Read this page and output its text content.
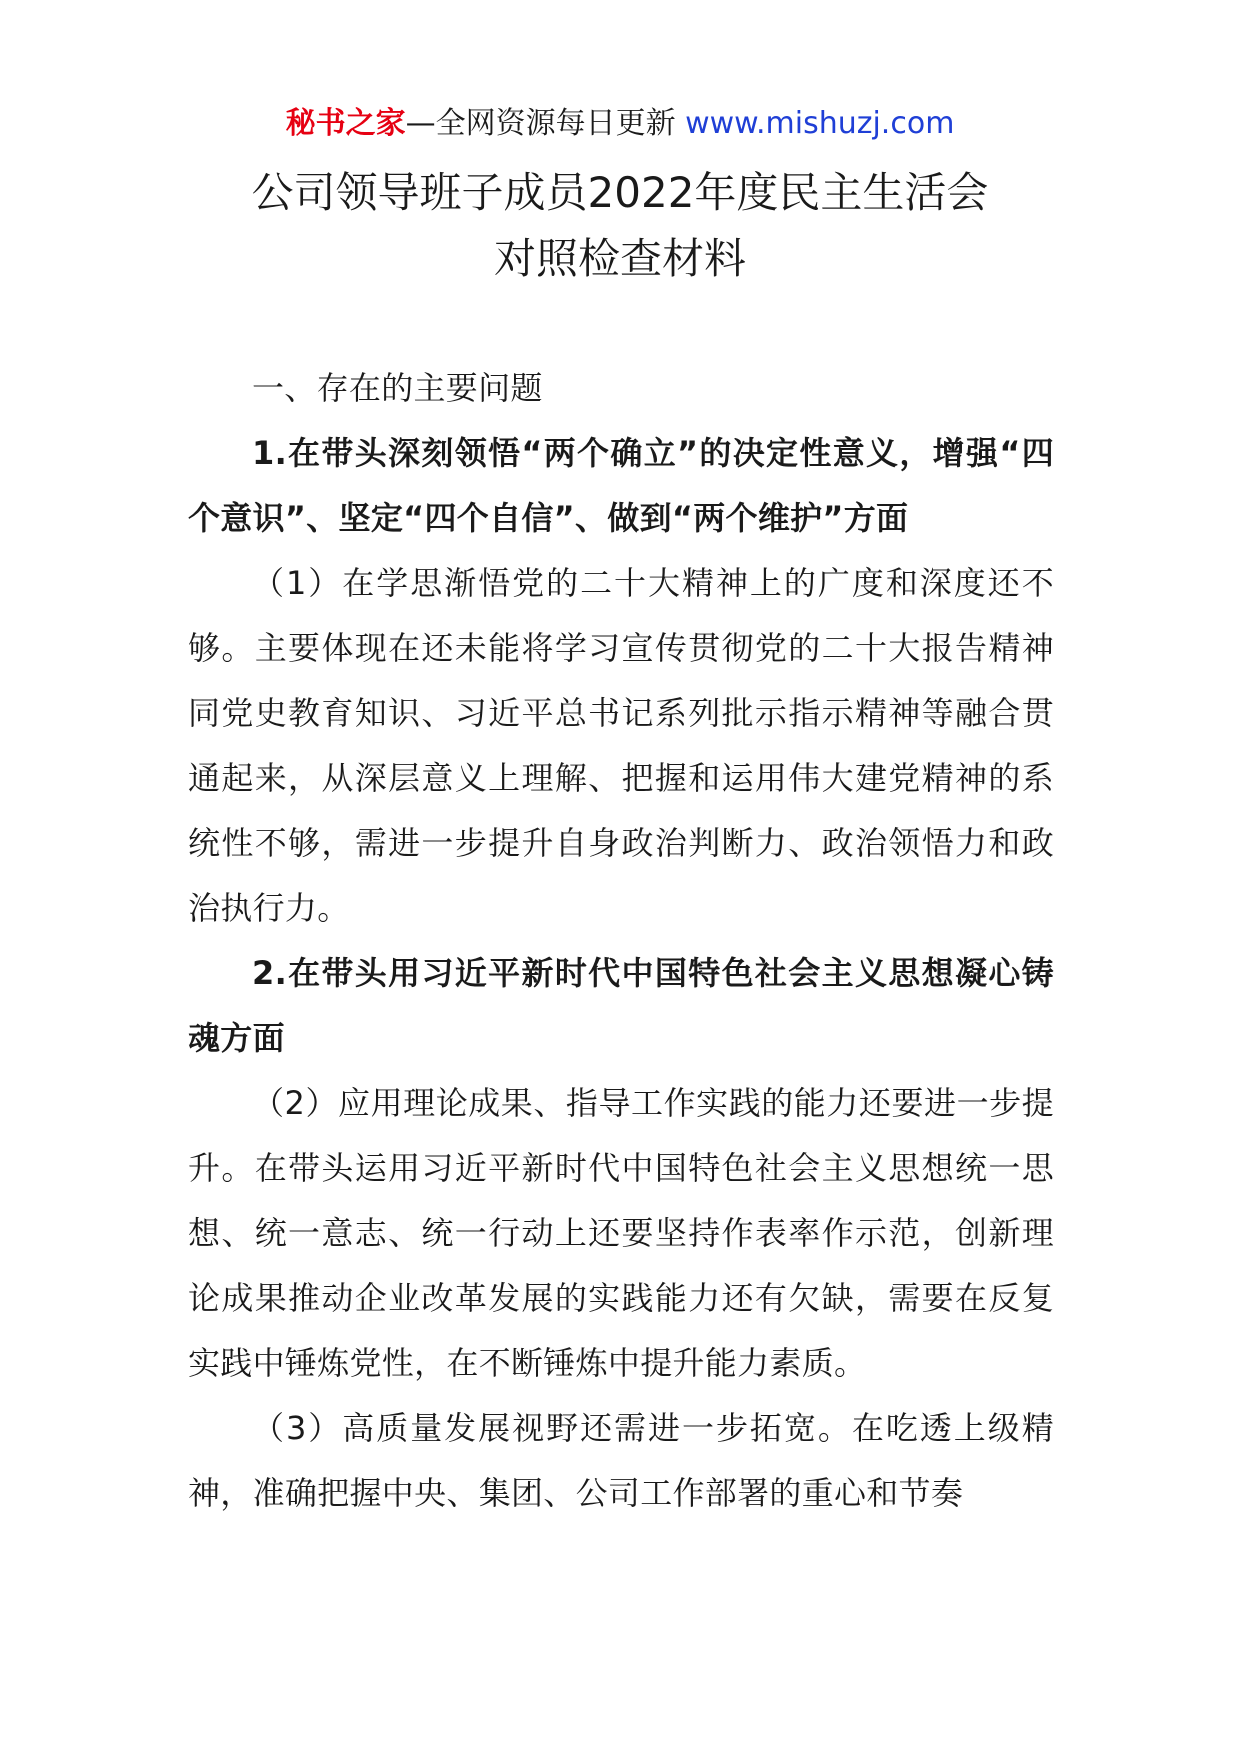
秘书之家—全网资源每日更新 www.mishuzj.com
公司领导班子成员2022年度民主生活会
对照检查材料

一、存在的主要问题

1.在带头深刻领悟“两个确立”的决定性意义，增强“四个意识”、坚定“四个自信”、做到“两个维护”方面

（1）在学思渐悟党的二十大精神上的广度和深度还不够。主要体现在还未能将学习宣传贯彻党的二十大报告精神同党史教育知识、习近平总书记系列批示指示精神等融合贯通起来，从深层意义上理解、把握和运用伟大建党精神的系统性不够，需进一步提升自身政治判断力、政治领悟力和政治执行力。

2.在带头用习近平新时代中国特色社会主义思想凝心铸魂方面

（2）应用理论成果、指导工作实践的能力还要进一步提升。在带头运用习近平新时代中国特色社会主义思想统一思想、统一意志、统一行动上还要坚持作表率作示范，创新理论成果推动企业改革发展的实践能力还有欠缺，需要在反复实践中锤炼党性，在不断锤炼中提升能力素质。

（3）高质量发展视野还需进一步拓宽。在吃透上级精神，准确把握中央、集团、公司工作部署的重心和节奏
